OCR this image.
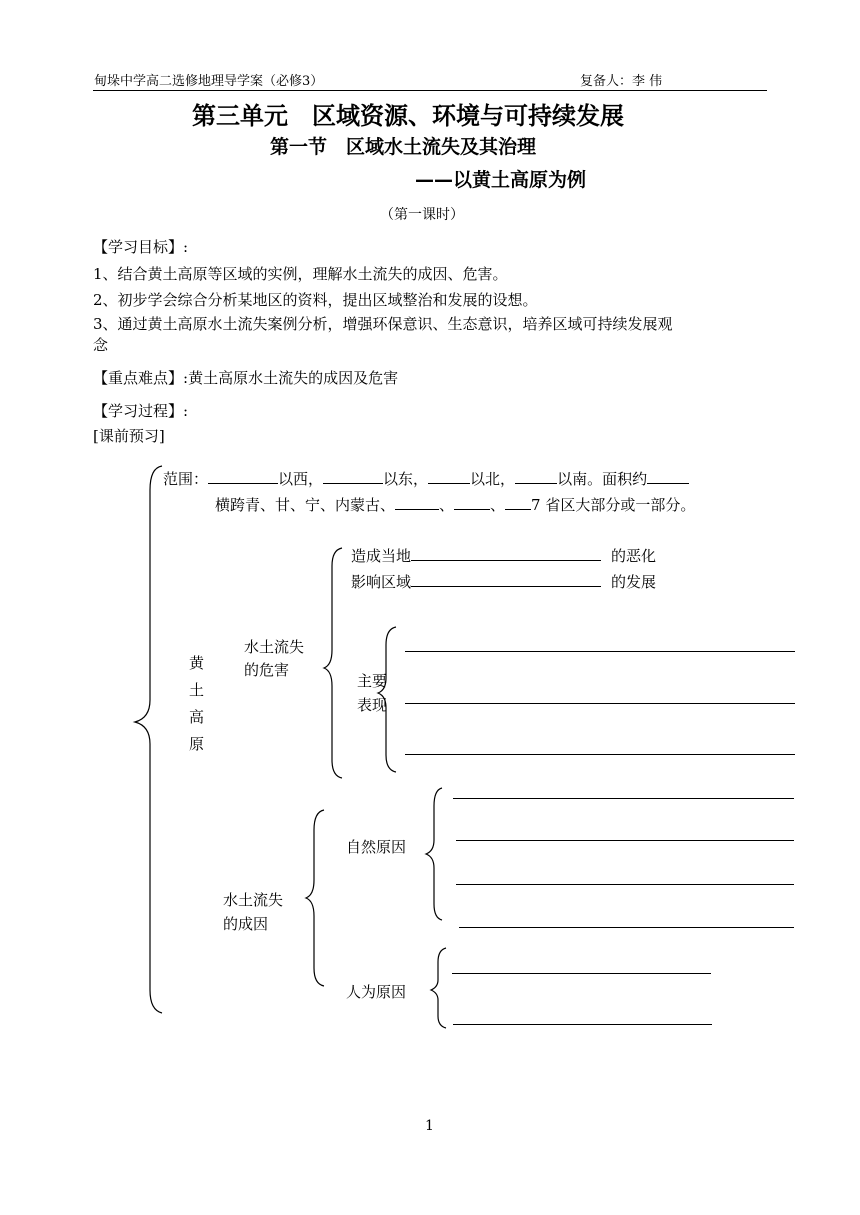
甸垛中学高二选修地理导学案（必修3）	复备人：李 伟
第三单元　区域资源、环境与可持续发展
第一节　区域水土流失及其治理
——以黄土高原为例
（第一课时）
【学习目标】:
1、结合黄土高原等区域的实例，理解水土流失的成因、危害。
2、初步学会综合分析某地区的资料，提出区域整治和发展的设想。
3、通过黄土高原水土流失案例分析，增强环保意识、生态意识，培养区域可持续发展观
念
【重点难点】:黄土高原水土流失的成因及危害
【学习过程】:
[课前预习]
范围：	以西，	以东，	以北，	以南。面积约
横跨青、甘、宁、内蒙古、	、 、 7 省区大部分或一部分。
黄
土
高
原
水土流失
的危害
造成当地	的恶化
影响区域	的发展
主要
表现
水土流失
的成因
自然原因
人为原因
1
